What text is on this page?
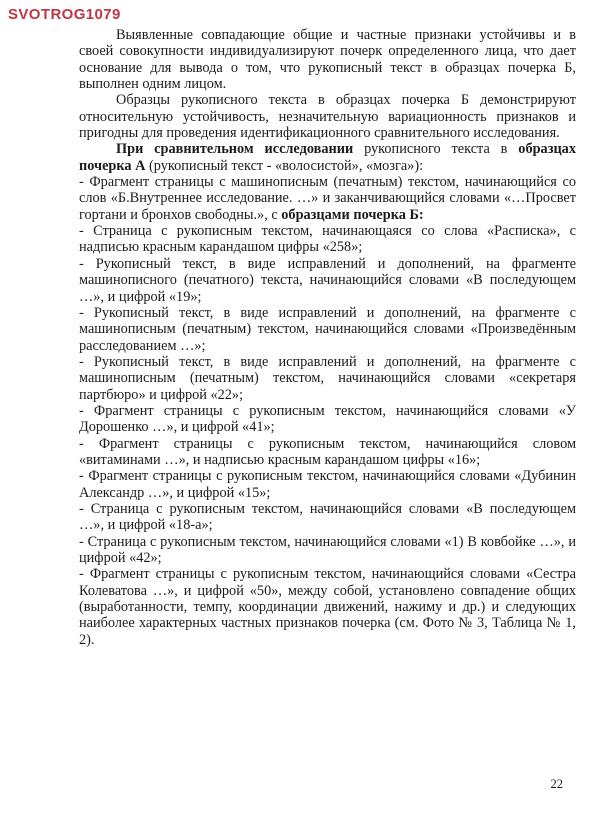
SVOTROG1079

Выявленные совпадающие общие и частные признаки устойчивы и в своей совокупности индивидуализируют почерк определенного лица, что дает основание для вывода о том, что рукописный текст в образцах почерка Б, выполнен одним лицом.

Образцы рукописного текста в образцах почерка Б демонстрируют относительную устойчивость, незначительную вариационность признаков и пригодны для проведения идентификационного сравнительного исследования.

При сравнительном исследовании рукописного текста в образцах почерка А (рукописный текст - «волосистой», «мозга»):

- Фрагмент страницы с машинописным (печатным) текстом, начинающийся со слов «Б.Внутреннее исследование. …» и заканчивающийся словами «…Просвет гортани и бронхов свободны.», с образцами почерка Б:

- Страница с рукописным текстом, начинающаяся со слова «Расписка», с надписью красным карандашом цифры «258»;

- Рукописный текст, в виде исправлений и дополнений, на фрагменте машинописного (печатного) текста, начинающийся словами «В последующем …», и цифрой «19»;

- Рукописный текст, в виде исправлений и дополнений, на фрагменте с машинописным (печатным) текстом, начинающийся словами «Произведённым расследованием …»;

- Рукописный текст, в виде исправлений и дополнений, на фрагменте с машинописным (печатным) текстом, начинающийся словами «секретаря партбюро» и цифрой «22»;

- Фрагмент страницы с рукописным текстом, начинающийся словами «У Дорошенко …», и цифрой «41»;

- Фрагмент страницы с рукописным текстом, начинающийся словом «витаминами …», и надписью красным карандашом цифры «16»;

- Фрагмент страницы с рукописным текстом, начинающийся словами «Дубинин Александр …», и цифрой «15»;

- Страница с рукописным текстом, начинающийся словами «В последующем …», и цифрой «18-а»;

- Страница с рукописным текстом, начинающийся словами «1) В ковбойке …», и цифрой «42»;

- Фрагмент страницы с рукописным текстом, начинающийся словами «Сестра Колеватова …», и цифрой «50», между собой, установлено совпадение общих (выработанности, темпу, координации движений, нажиму и др.) и следующих наиболее характерных частных признаков почерка (см. Фото № 3, Таблица № 1, 2).

22
